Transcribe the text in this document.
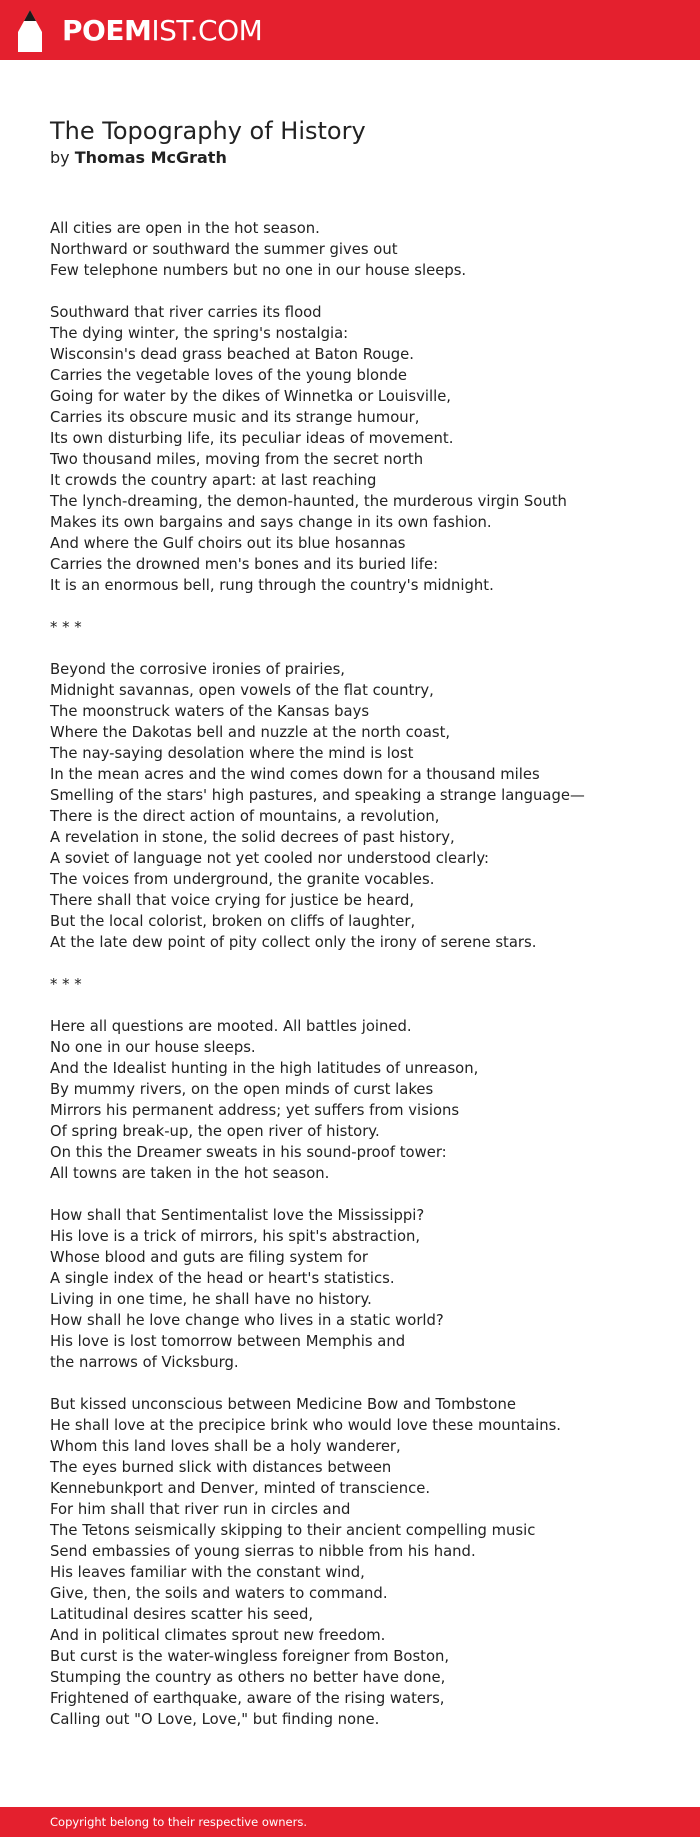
POEMIST.COM
The Topography of History
by Thomas McGrath
All cities are open in the hot season.
Northward or southward the summer gives out
Few telephone numbers but no one in our house sleeps.
Southward that river carries its flood
The dying winter, the spring's nostalgia:
Wisconsin's dead grass beached at Baton Rouge.
Carries the vegetable loves of the young blonde
Going for water by the dikes of Winnetka or Louisville,
Carries its obscure music and its strange humour,
Its own disturbing life, its peculiar ideas of movement.
Two thousand miles, moving from the secret north
It crowds the country apart: at last reaching
The lynch-dreaming, the demon-haunted, the murderous virgin South
Makes its own bargains and says change in its own fashion.
And where the Gulf choirs out its blue hosannas
Carries the drowned men's bones and its buried life:
It is an enormous bell, rung through the country's midnight.
* * *
Beyond the corrosive ironies of prairies,
Midnight savannas, open vowels of the flat country,
The moonstruck waters of the Kansas bays
Where the Dakotas bell and nuzzle at the north coast,
The nay-saying desolation where the mind is lost
In the mean acres and the wind comes down for a thousand miles
Smelling of the stars' high pastures, and speaking a strange language—
There is the direct action of mountains, a revolution,
A revelation in stone, the solid decrees of past history,
A soviet of language not yet cooled nor understood clearly:
The voices from underground, the granite vocables.
There shall that voice crying for justice be heard,
But the local colorist, broken on cliffs of laughter,
At the late dew point of pity collect only the irony of serene stars.
* * *
Here all questions are mooted. All battles joined.
No one in our house sleeps.
And the Idealist hunting in the high latitudes of unreason,
By mummy rivers, on the open minds of curst lakes
Mirrors his permanent address; yet suffers from visions
Of spring break-up, the open river of history.
On this the Dreamer sweats in his sound-proof tower:
All towns are taken in the hot season.
How shall that Sentimentalist love the Mississippi?
His love is a trick of mirrors, his spit's abstraction,
Whose blood and guts are filing system for
A single index of the head or heart's statistics.
Living in one time, he shall have no history.
How shall he love change who lives in a static world?
His love is lost tomorrow between Memphis and
the narrows of Vicksburg.
But kissed unconscious between Medicine Bow and Tombstone
He shall love at the precipice brink who would love these mountains.
Whom this land loves shall be a holy wanderer,
The eyes burned slick with distances between
Kennebunkport and Denver, minted of transcience.
For him shall that river run in circles and
The Tetons seismically skipping to their ancient compelling music
Send embassies of young sierras to nibble from his hand.
His leaves familiar with the constant wind,
Give, then, the soils and waters to command.
Latitudinal desires scatter his seed,
And in political climates sprout new freedom.
But curst is the water-wingless foreigner from Boston,
Stumping the country as others no better have done,
Frightened of earthquake, aware of the rising waters,
Calling out "O Love, Love," but finding none.
Copyright belong to their respective owners.
